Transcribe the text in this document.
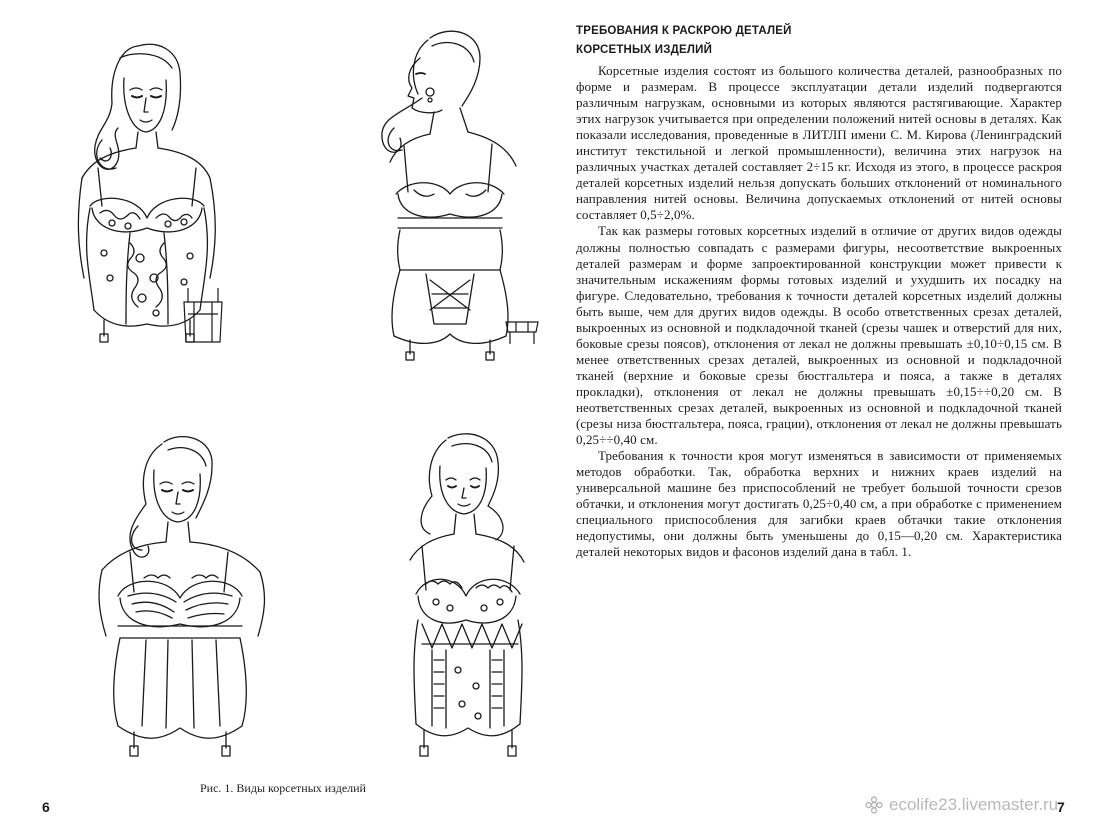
Рис. 1. Виды корсетных изделий
6
ТРЕБОВАНИЯ К РАСКРОЮ ДЕТАЛЕЙ
КОРСЕТНЫХ ИЗДЕЛИЙ

Корсетные изделия состоят из большого количества деталей, разнообразных по форме и размерам. В процессе эксплуатации детали изделий подвергаются различным нагрузкам, основными из которых являются растягивающие. Характер этих нагрузок учитывается при определении положений нитей основы в деталях. Как показали исследования, проведенные в ЛИТЛП имени С. М. Кирова (Ленинградский институт текстильной и легкой промышленности), величина этих нагрузок на различных участках деталей составляет 2÷15 кг. Исходя из этого, в процессе раскроя деталей корсетных изделий нельзя допускать больших отклонений от номинального направления нитей основы. Величина допускаемых отклонений от нитей основы составляет 0,5÷2,0%.

Так как размеры готовых корсетных изделий в отличие от других видов одежды должны полностью совпадать с размерами фигуры, несоответствие выкроенных деталей размерам и форме запроектированной конструкции может привести к значительным искажениям формы готовых изделий и ухудшить их посадку на фигуре. Следовательно, требования к точности деталей корсетных изделий должны быть выше, чем для других видов одежды. В особо ответственных срезах деталей, выкроенных из основной и подкладочной тканей (срезы чашек и отверстий для них, боковые срезы поясов), отклонения от лекал не должны превышать ±0,10÷0,15 см. В менее ответственных срезах деталей, выкроенных из основной и подкладочной тканей (верхние и боковые срезы бюстгальтера и пояса, а также в деталях прокладки), отклонения от лекал не должны превышать ±0,15÷÷0,20 см. В неответственных срезах деталей, выкроенных из основной и подкладочной тканей (срезы низа бюстгальтера, пояса, грации), отклонения от лекал не должны превышать 0,25÷÷0,40 см.

Требования к точности кроя могут изменяться в зависимости от применяемых методов обработки. Так, обработка верхних и нижних краев изделий на универсальной машине без приспособлений не требует большой точности срезов обтачки, и отклонения могут достигать 0,25÷0,40 см, а при обработке с применением специального приспособления для загибки краев обтачки такие отклонения недопустимы, они должны быть уменьшены до 0,15—0,20 см. Характеристика деталей некоторых видов и фасонов изделий дана в табл. 1.

7
ecolife23.livemaster.ru
